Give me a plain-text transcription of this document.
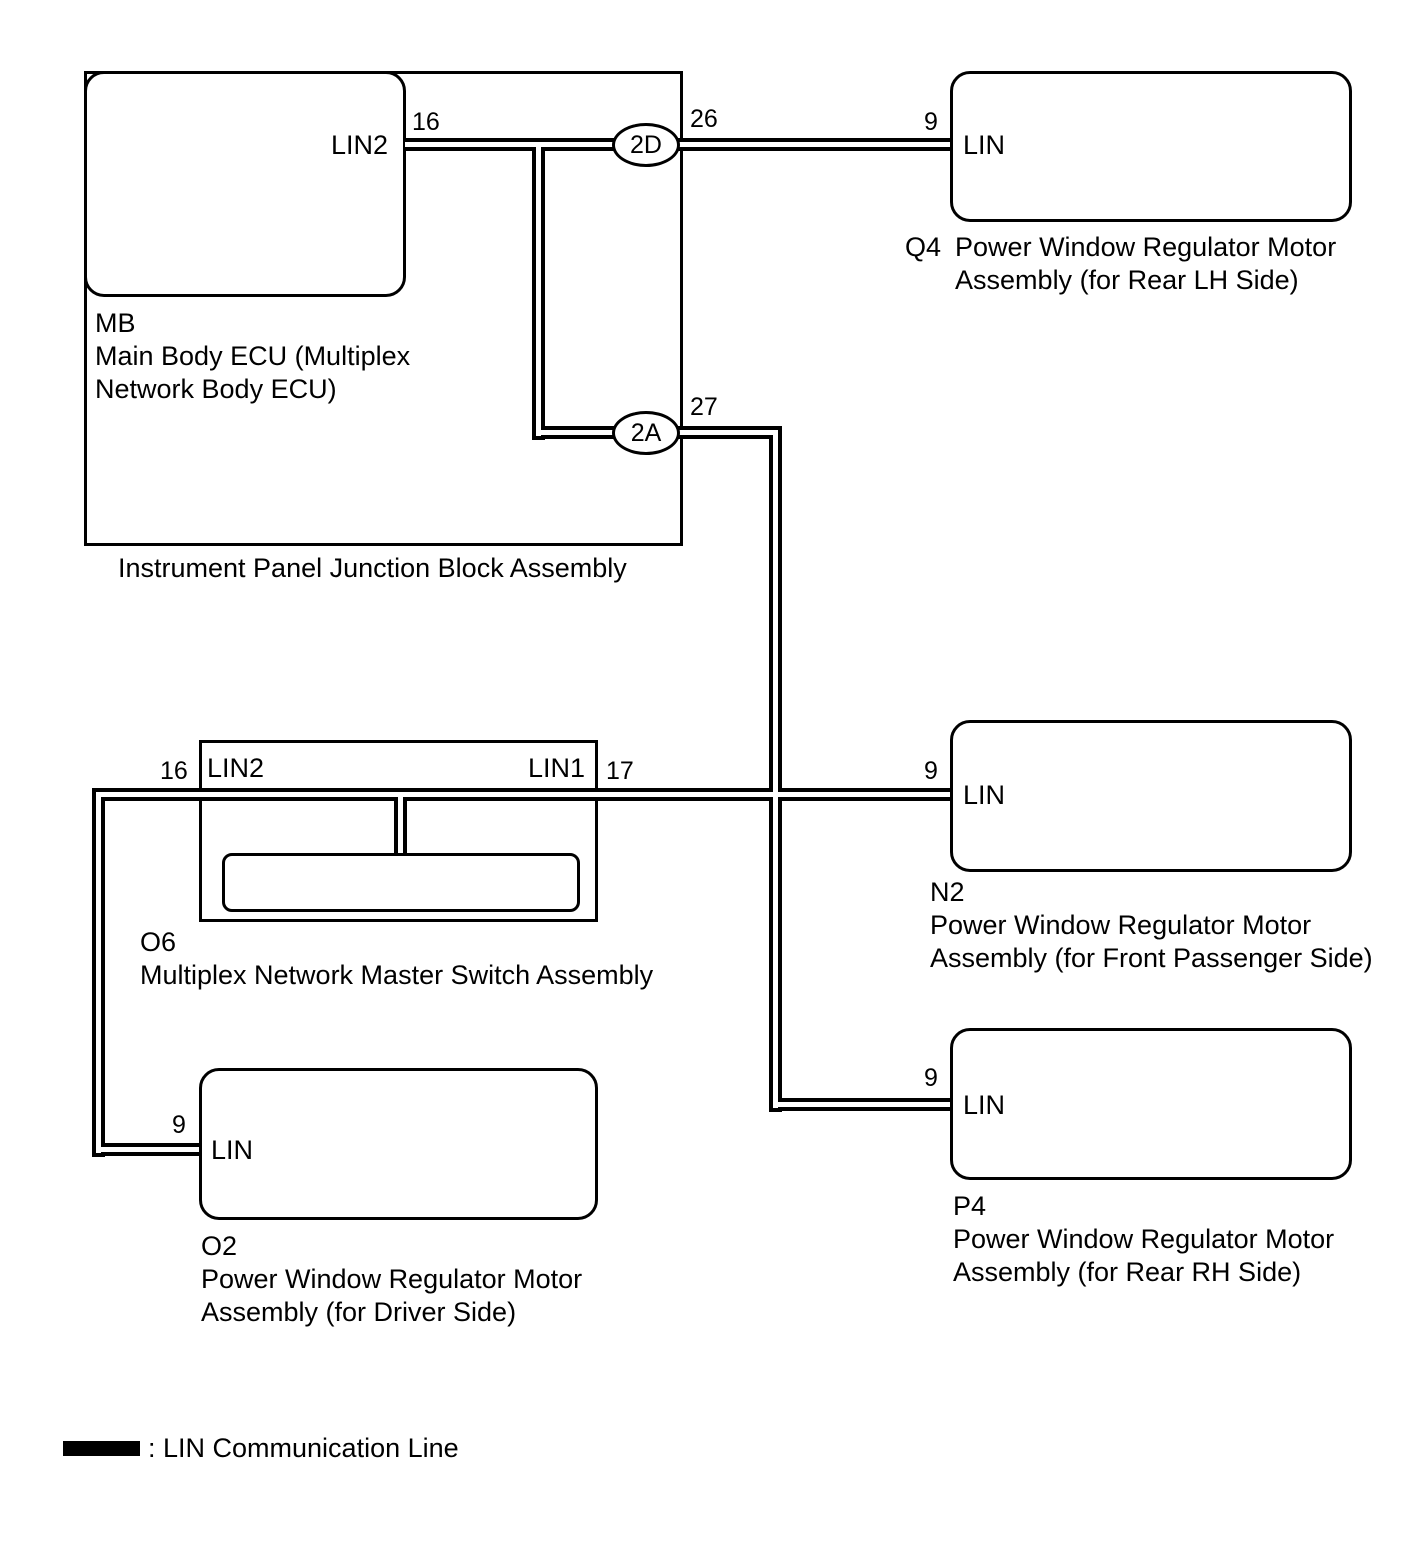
LIN2	LIN
LIN2	LIN1
LIN
LIN
LIN
2D
2A
16	26	9
27
16	17	9
9
9
MB
Main Body ECU (Multiplex
Network Body ECU)
Instrument Panel Junction Block Assembly
Q4 Power Window Regulator Motor
Assembly (for Rear LH Side)
O6
Multiplex Network Master Switch Assembly
N2
Power Window Regulator Motor
Assembly (for Front Passenger Side)
O2
Power Window Regulator Motor
Assembly (for Driver Side)
P4
Power Window Regulator Motor
Assembly (for Rear RH Side)
: LIN Communication Line
